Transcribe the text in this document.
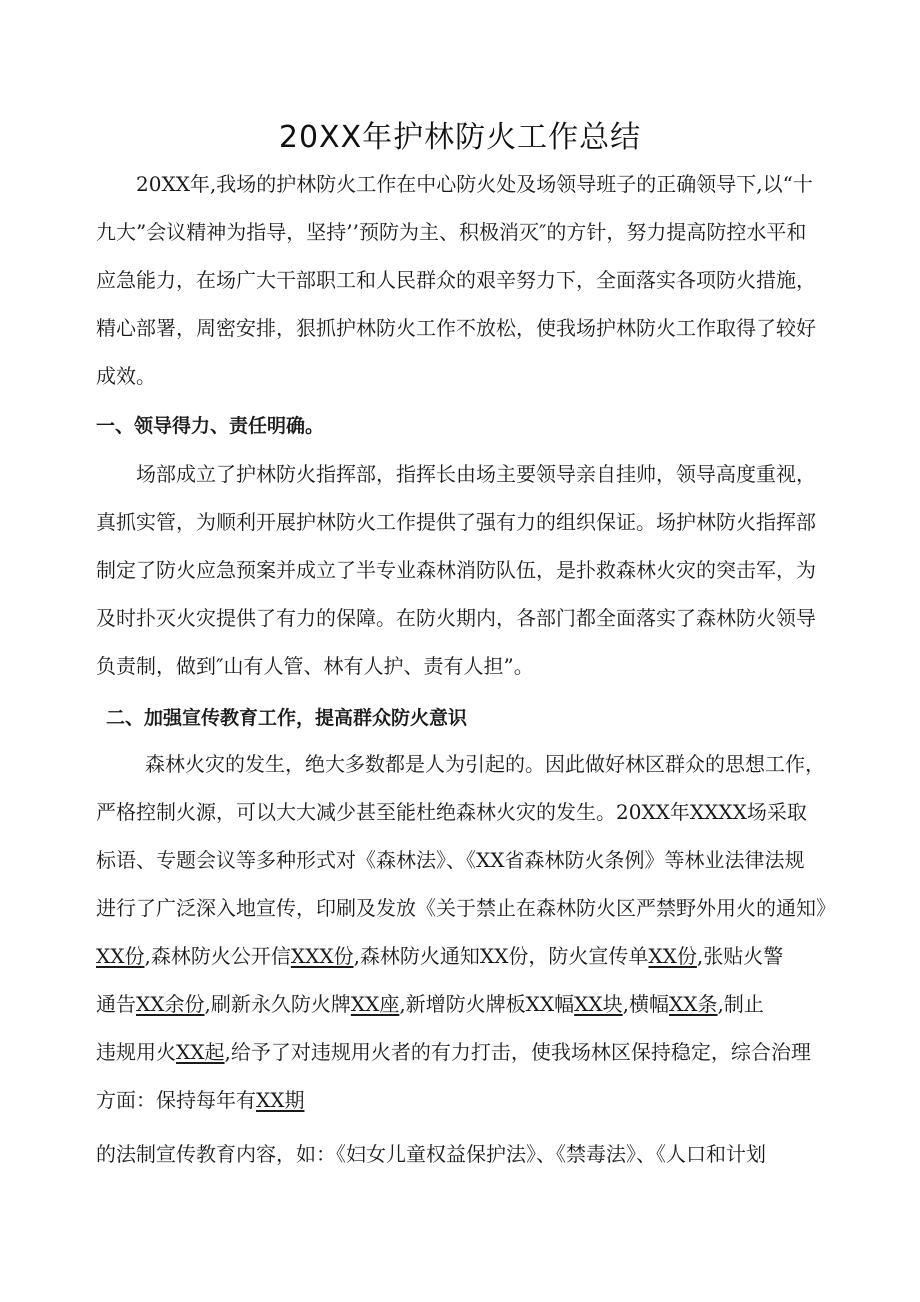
20XX年护林防火工作总结
20XX年,我场的护林防火工作在中心防火处及场领导班子的正确领导下,以“十
九大”会议精神为指导，坚持’’预防为主、积极消灭″的方针，努力提高防控水平和
应急能力，在场广大干部职工和人民群众的艰辛努力下，全面落实各项防火措施，
精心部署，周密安排，狠抓护林防火工作不放松，使我场护林防火工作取得了较好
成效。
一、领导得力、责任明确。
场部成立了护林防火指挥部，指挥长由场主要领导亲自挂帅，领导高度重视，
真抓实管，为顺利开展护林防火工作提供了强有力的组织保证。场护林防火指挥部
制定了防火应急预案并成立了半专业森林消防队伍，是扑救森林火灾的突击军，为
及时扑灭火灾提供了有力的保障。在防火期内，各部门都全面落实了森林防火领导
负责制，做到″山有人管、林有人护、责有人担”。
二、加强宣传教育工作，提高群众防火意识
森林火灾的发生，绝大多数都是人为引起的。因此做好林区群众的思想工作，
严格控制火源，可以大大减少甚至能杜绝森林火灾的发生。20XX年XXXX场采取
标语、专题会议等多种形式对《森林法》、《XX省森林防火条例》等林业法律法规
进行了广泛深入地宣传，印刷及发放《关于禁止在森林防火区严禁野外用火的通知》
XX份,森林防火公开信XXX份,森林防火通知XX份，防火宣传单XX份,张贴火警
通告XX余份,刷新永久防火牌XX座,新增防火牌板XX幅XX块,横幅XX条,制止
违规用火XX起,给予了对违规用火者的有力打击，使我场林区保持稳定，综合治理
方面：保持每年有XX期
的法制宣传教育内容，如：《妇女儿童权益保护法》、《禁毒法》、《人口和计划
